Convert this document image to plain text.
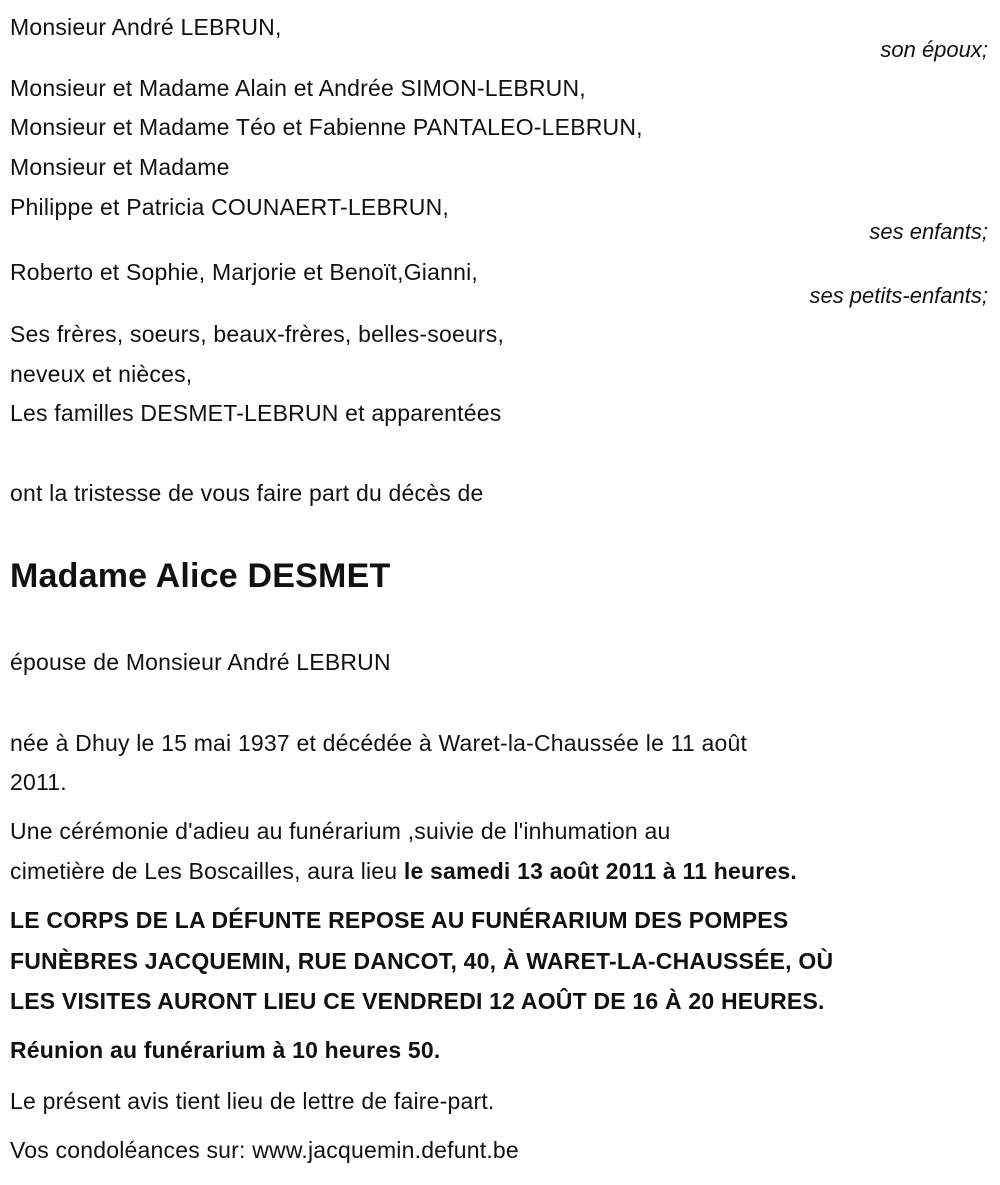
Monsieur André LEBRUN,
son époux;
Monsieur et Madame Alain et Andrée SIMON-LEBRUN,
Monsieur et Madame Téo et Fabienne PANTALEO-LEBRUN,
Monsieur et Madame
Philippe et Patricia COUNAERT-LEBRUN,
ses enfants;
Roberto et Sophie, Marjorie et Benoït,Gianni,
ses petits-enfants;
Ses frères, soeurs, beaux-frères, belles-soeurs,
neveux et nièces,
Les familles DESMET-LEBRUN et apparentées
ont la tristesse de vous faire part du décès de
Madame Alice DESMET
épouse de Monsieur André LEBRUN
née à Dhuy le 15 mai 1937 et décédée à Waret-la-Chaussée le 11 août
2011.
Une cérémonie d'adieu au funérarium ,suivie de l'inhumation au
cimetière de Les Boscailles, aura lieu le samedi 13 août 2011 à 11 heures.
LE CORPS DE LA DÉFUNTE REPOSE AU FUNÉRARIUM DES POMPES
FUNÈBRES JACQUEMIN, RUE DANCOT, 40, À WARET-LA-CHAUSSÉE, OÙ
LES VISITES AURONT LIEU CE VENDREDI 12 AOÛT DE 16 À 20 HEURES.
Réunion au funérarium à 10 heures 50.
Le présent avis tient lieu de lettre de faire-part.
Vos condoléances sur: www.jacquemin.defunt.be
